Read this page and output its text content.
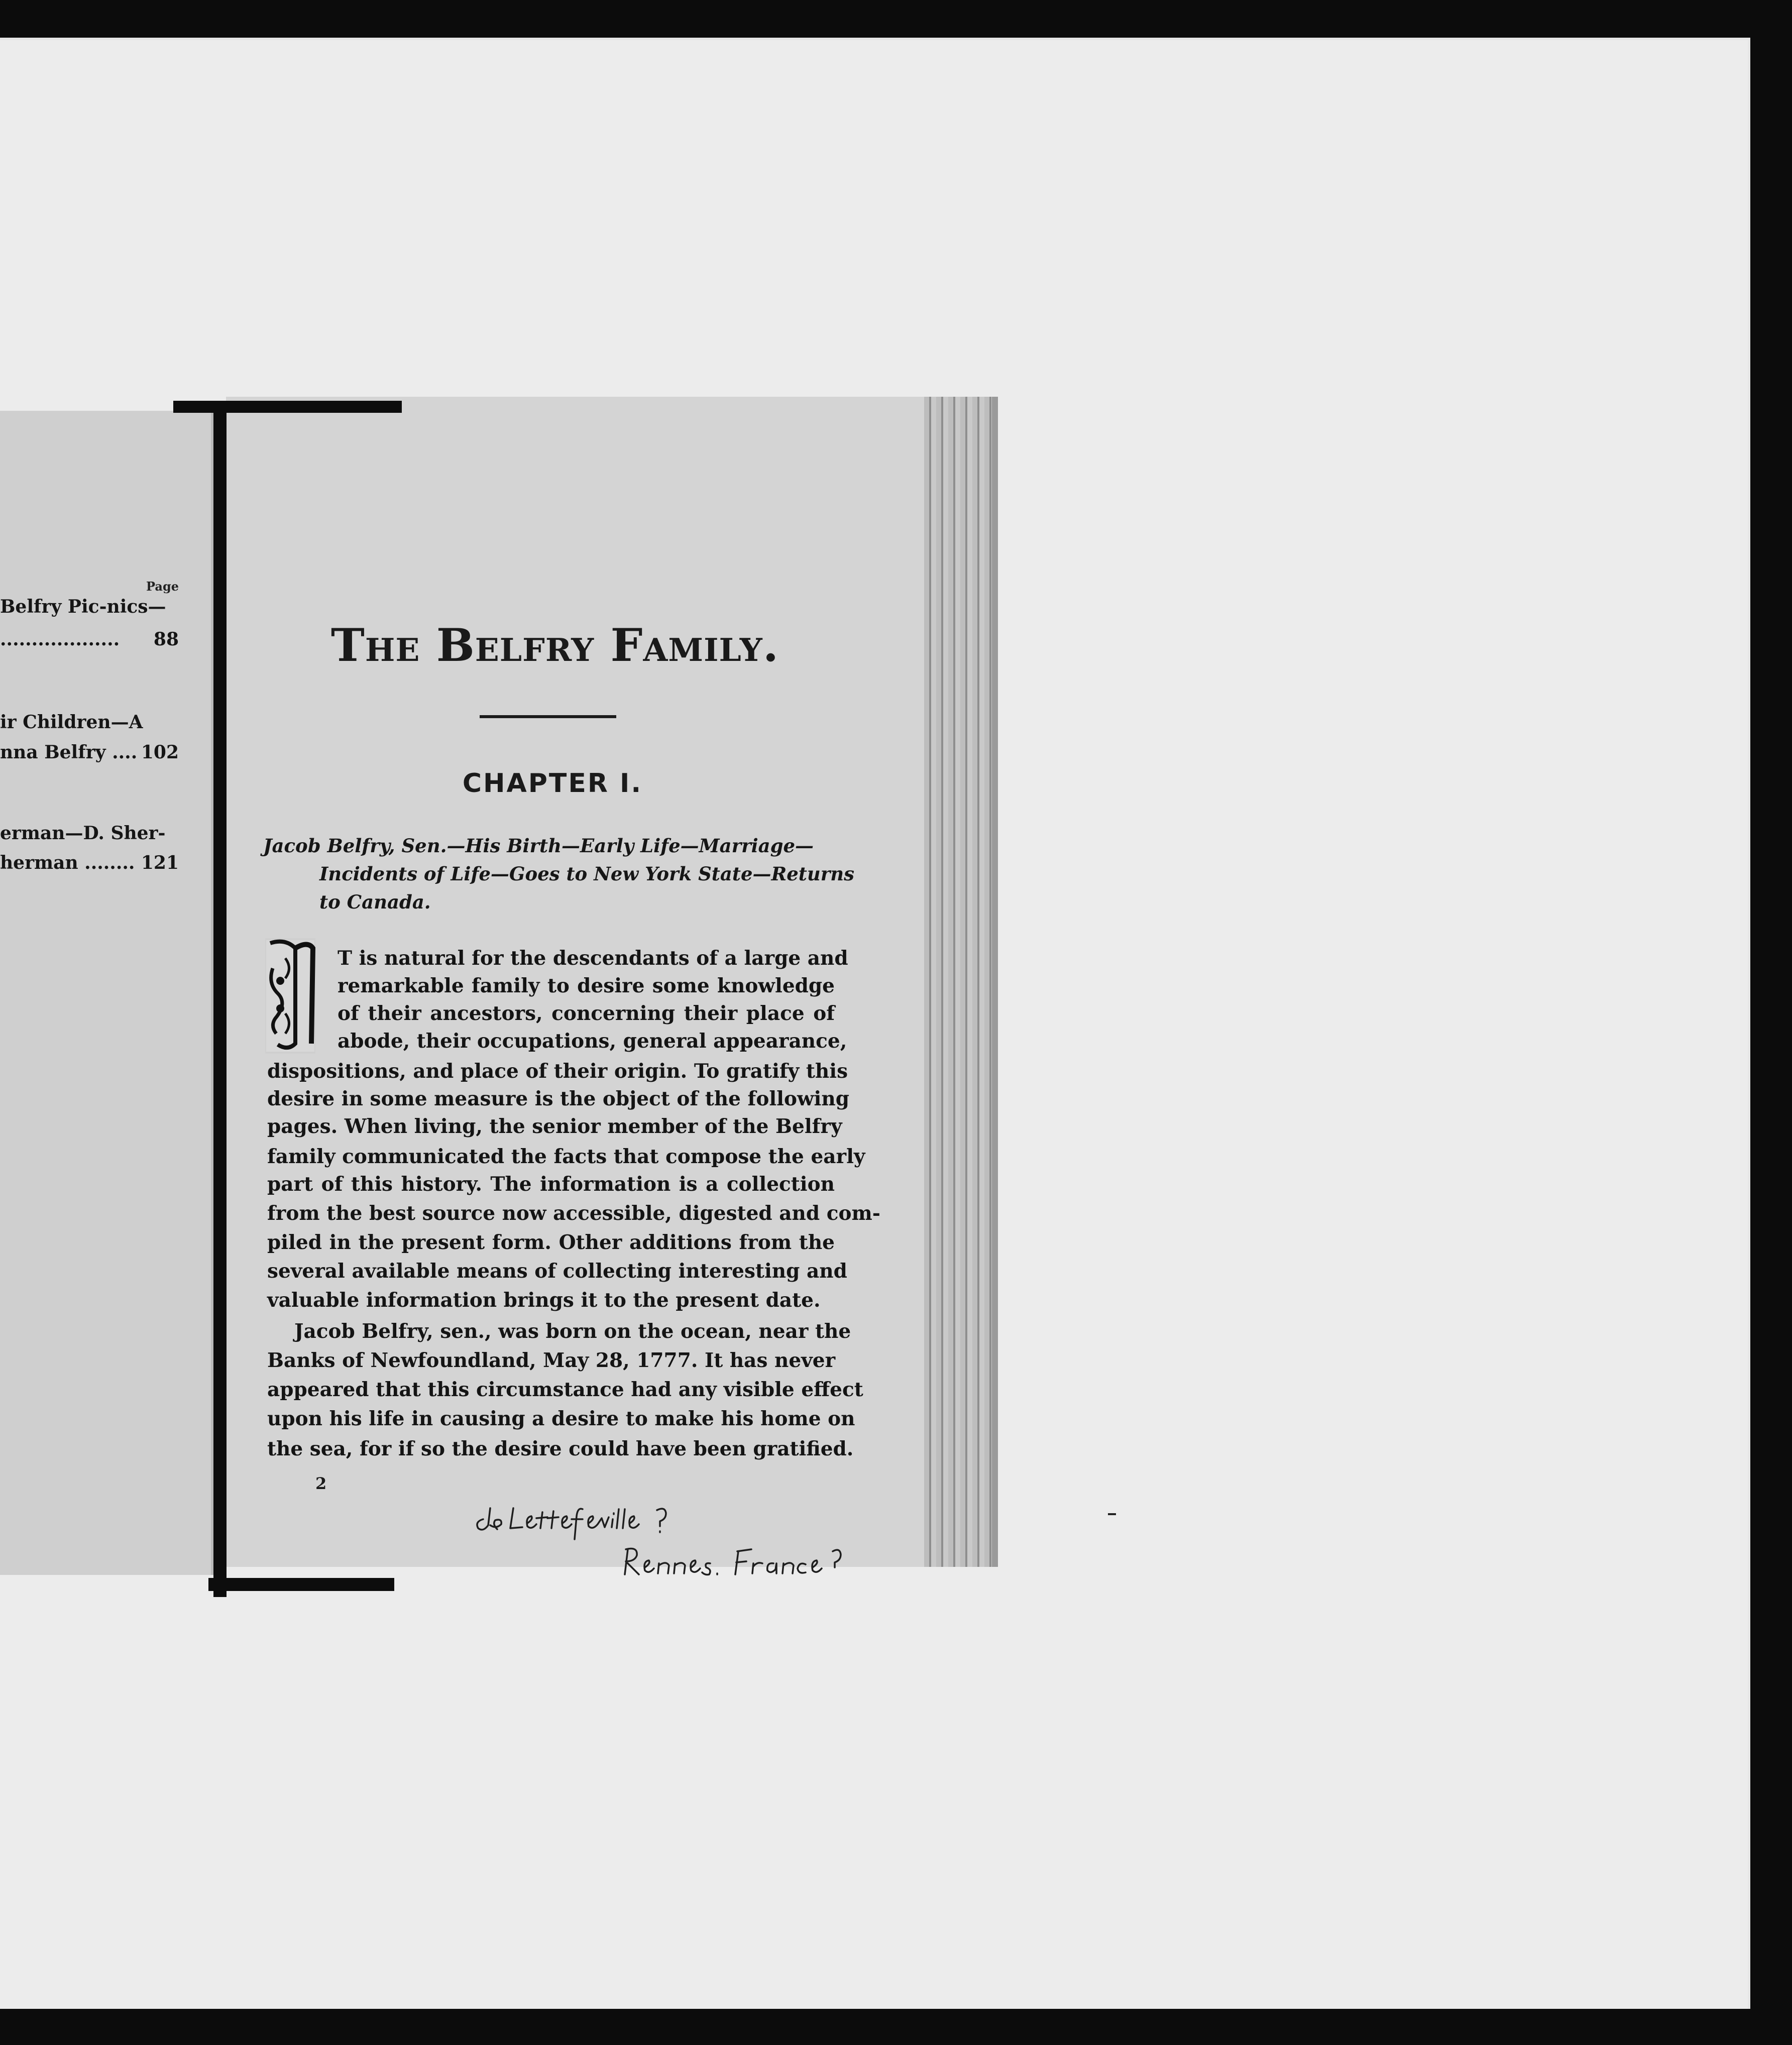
Page
Belfry Pic-nics—
................... 88
ir Children—A
nna Belfry .... 102
erman—D. Sher-
herman ........ 121
The Belfry Family.
CHAPTER I.
Jacob Belfry, Sen.—His Birth—Early Life—Marriage—
Incidents of Life—Goes to New York State—Returns
to Canada.
T is natural for the descendants of a large and
remarkable family to desire some knowledge
of their ancestors, concerning their place of
abode, their occupations, general appearance,
dispositions, and place of their origin. To gratify this
desire in some measure is the object of the following
pages. When living, the senior member of the Belfry
family communicated the facts that compose the early
part of this history. The information is a collection
from the best source now accessible, digested and com-
piled in the present form. Other additions from the
several available means of collecting interesting and
valuable information brings it to the present date.
Jacob Belfry, sen., was born on the ocean, near the
Banks of Newfoundland, May 28, 1777. It has never
appeared that this circumstance had any visible effect
upon his life in causing a desire to make his home on
the sea, for if so the desire could have been gratified.
2
